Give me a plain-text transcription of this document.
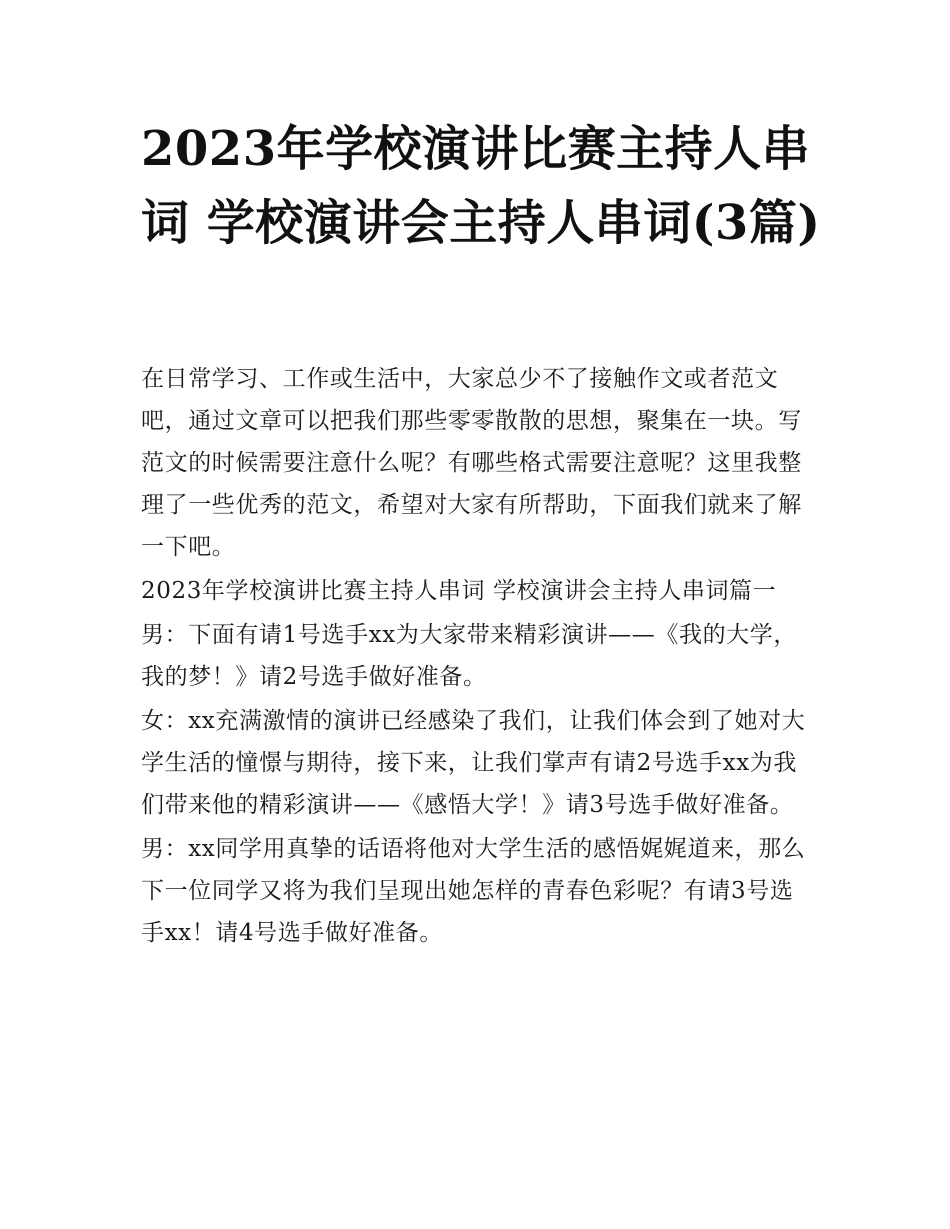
2023年学校演讲比赛主持人串词 学校演讲会主持人串词(3篇)

在日常学习、工作或生活中，大家总少不了接触作文或者范文吧，通过文章可以把我们那些零零散散的思想，聚集在一块。写范文的时候需要注意什么呢？有哪些格式需要注意呢？这里我整理了一些优秀的范文，希望对大家有所帮助，下面我们就来了解一下吧。

2023年学校演讲比赛主持人串词 学校演讲会主持人串词篇一

男：下面有请1号选手xx为大家带来精彩演讲——《我的大学，我的梦！》请2号选手做好准备。

女：xx充满激情的演讲已经感染了我们，让我们体会到了她对大学生活的憧憬与期待，接下来，让我们掌声有请2号选手xx为我们带来他的精彩演讲——《感悟大学！》请3号选手做好准备。

男：xx同学用真挚的话语将他对大学生活的感悟娓娓道来，那么下一位同学又将为我们呈现出她怎样的青春色彩呢？有请3号选手xx！请4号选手做好准备。
